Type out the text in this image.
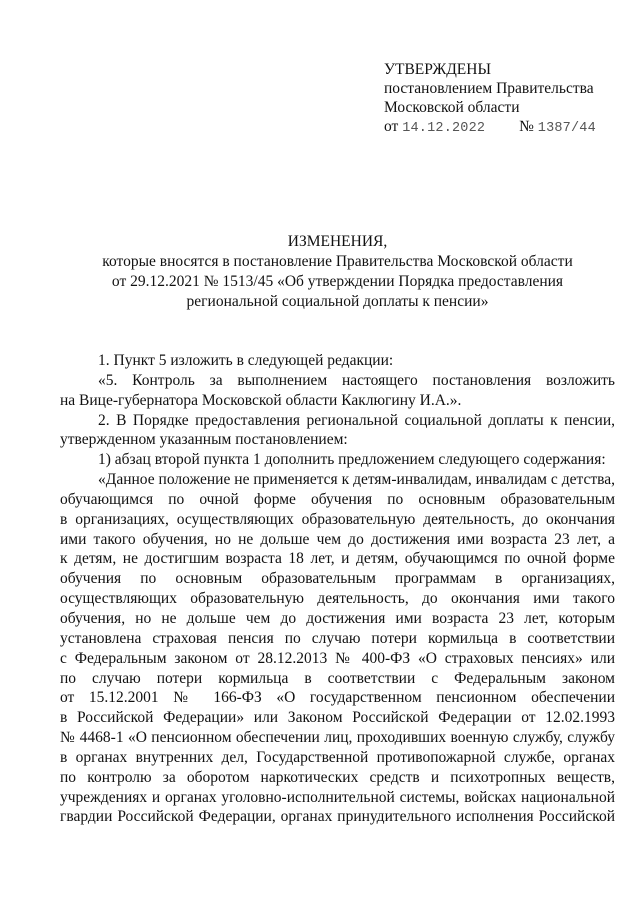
УТВЕРЖДЕНЫ
постановлением Правительства
Московской области
от 14.12.2022 № 1387/44
ИЗМЕНЕНИЯ,
которые вносятся в постановление Правительства Московской области
от 29.12.2021 № 1513/45 «Об утверждении Порядка предоставления
региональной социальной доплаты к пенсии»
1. Пункт 5 изложить в следующей редакции:
«5. Контроль за выполнением настоящего постановления возложить
на Вице-губернатора Московской области Каклюгину И.А.».
2. В Порядке предоставления региональной социальной доплаты к пенсии,
утвержденном указанным постановлением:
1) абзац второй пункта 1 дополнить предложением следующего содержания:
«Данное положение не применяется к детям-инвалидам, инвалидам с детства,
обучающимся по очной форме обучения по основным образовательным
в организациях, осуществляющих образовательную деятельность, до окончания
ими такого обучения, но не дольше чем до достижения ими возраста 23 лет, а
к детям, не достигшим возраста 18 лет, и детям, обучающимся по очной форме
обучения по основным образовательным программам в организациях,
осуществляющих образовательную деятельность, до окончания ими такого
обучения, но не дольше чем до достижения ими возраста 23 лет, которым
установлена страховая пенсия по случаю потери кормильца в соответствии
с Федеральным законом от 28.12.2013 № 400-ФЗ «О страховых пенсиях» или
по случаю потери кормильца в соответствии с Федеральным законом
от 15.12.2001 № 166-ФЗ «О государственном пенсионном обеспечении
в Российской Федерации» или Законом Российской Федерации от 12.02.1993
№ 4468-1 «О пенсионном обеспечении лиц, проходивших военную службу, службу
в органах внутренних дел, Государственной противопожарной службе, органах
по контролю за оборотом наркотических средств и психотропных веществ,
учреждениях и органах уголовно-исполнительной системы, войсках национальной
гвардии Российской Федерации, органах принудительного исполнения Российской
